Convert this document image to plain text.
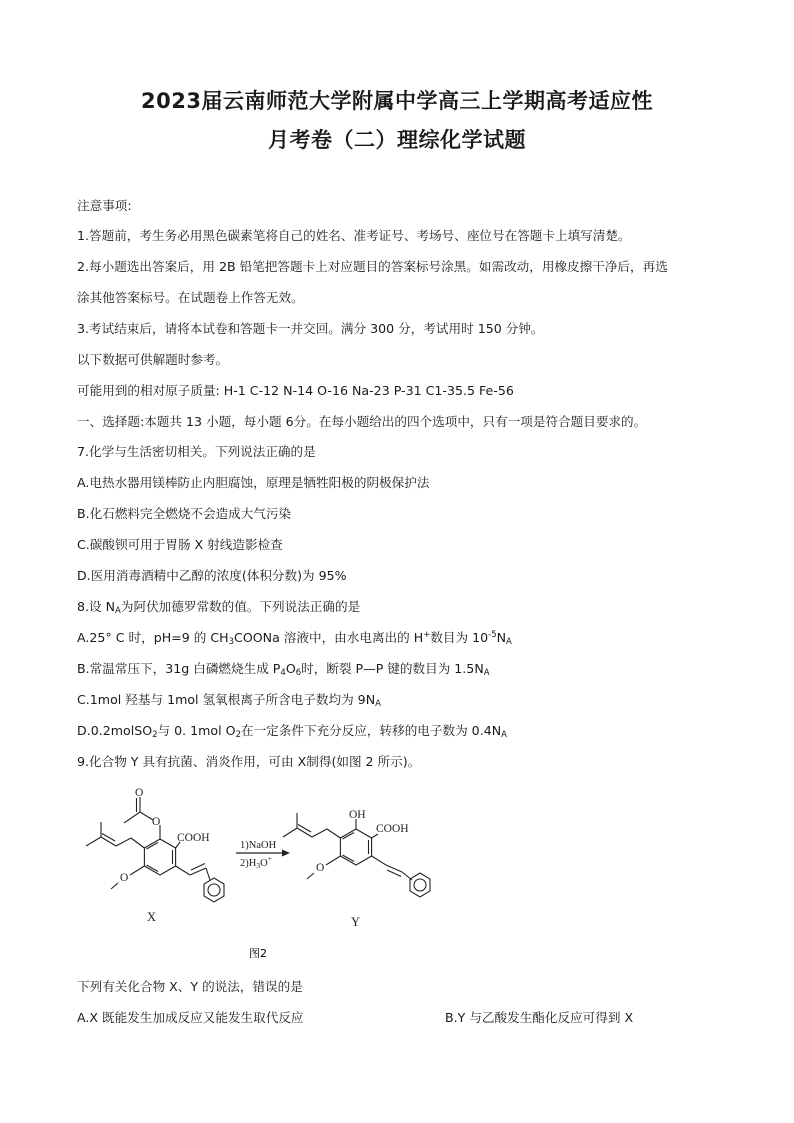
2023届云南师范大学附属中学高三上学期高考适应性
月考卷（二）理综化学试题
注意事项:
1.答题前，考生务必用黑色碳素笔将自己的姓名、准考证号、考场号、座位号在答题卡上填写清楚。
2.每小题选出答案后，用 2B 铅笔把答题卡上对应题目的答案标号涂黑。如需改动，用橡皮擦干净后，再选
涂其他答案标号。在试题卷上作答无效。
3.考试结束后，请将本试卷和答题卡一并交回。满分 300 分，考试用时 150 分钟。
以下数据可供解题时参考。
可能用到的相对原子质量: H-1 C-12 N-14 O-16 Na-23 P-31 C1-35.5 Fe-56
一、选择题:本题共 13 小题，每小题 6分。在每小题给出的四个选项中，只有一项是符合题目要求的。
7.化学与生活密切相关。下列说法正确的是
A.电热水器用镁棒防止内胆腐蚀，原理是牺牲阳极的阴极保护法
B.化石燃料完全燃烧不会造成大气污染
C.碳酸钡可用于胃肠 X 射线造影检查
D.医用消毒酒精中乙醇的浓度(体积分数)为 95%
8.设 $N_A$为阿伏加德罗常数的值。下列说法正确的是
A.25° C 时，pH=9 的 $CH_3COONa$ 溶液中，由水电离出的 H+数目为 $10^{-5}N_A$
B.常温常压下，31g 白磷燃烧生成 $P_4O_6$时，断裂 P—P 键的数目为 $1.5N_A$
C.1mol 羟基与 1mol 氢氧根离子所含电子数均为 $9N_A$
D.0.2molSO$_2$与 0. 1mol $O_2$在一定条件下充分反应，转移的电子数为 $0.4N_A$
9.化合物 Y 具有抗菌、消炎作用，可由 X制得(如图 2 所示)。
O
O
O
COOH
X
1)NaOH
2)H3O+
OH
COOH
O
Y
图2
下列有关化合物 X、Y 的说法，错误的是
A.X 既能发生加成反应又能发生取代反应	B.Y 与乙酸发生酯化反应可得到 X
